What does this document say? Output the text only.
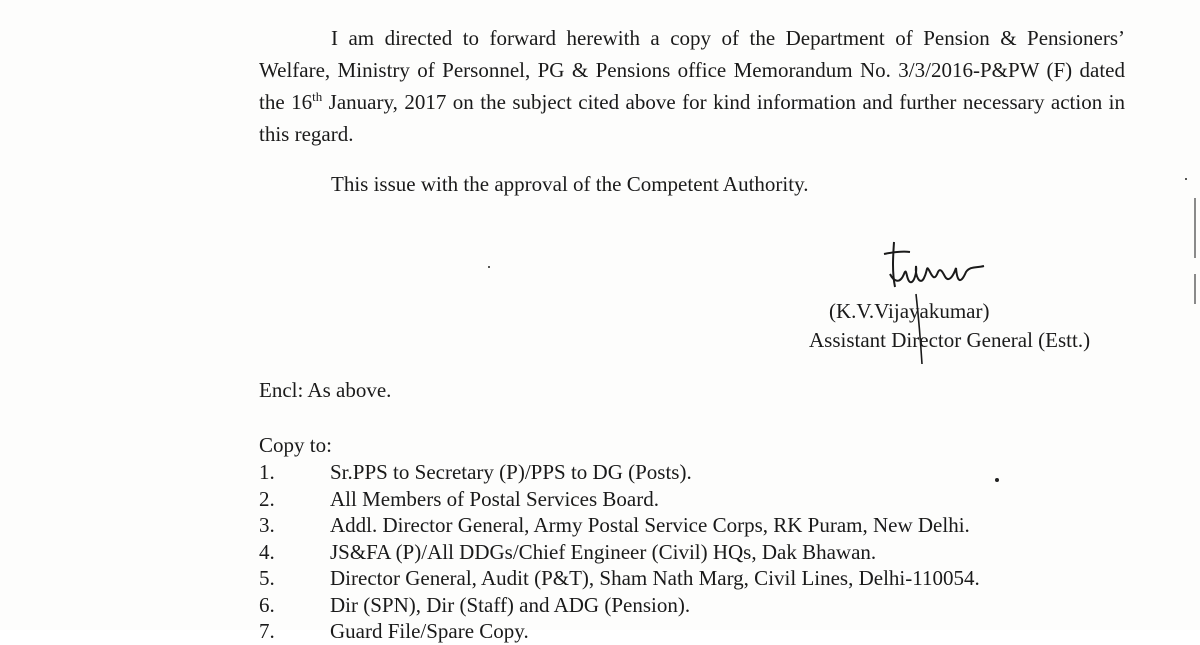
I am directed to forward herewith a copy of the Department of Pension & Pensioners’ Welfare, Ministry of Personnel, PG & Pensions office Memorandum No. 3/3/2016-P&PW (F) dated the 16th January, 2017 on the subject cited above for kind information and further necessary action in this regard.

This issue with the approval of the Competent Authority.

(K.V.Vijayakumar)

Assistant Director General (Estt.)

Encl: As above.

Copy to:

1.	Sr.PPS to Secretary (P)/PPS to DG (Posts).
2.	All Members of Postal Services Board.
3.	Addl. Director General, Army Postal Service Corps, RK Puram, New Delhi.
4.	JS&FA (P)/All DDGs/Chief Engineer (Civil) HQs, Dak Bhawan.
5.	Director General, Audit (P&T), Sham Nath Marg, Civil Lines, Delhi-110054.
6.	Dir (SPN), Dir (Staff) and ADG (Pension).
7.	Guard File/Spare Copy.
